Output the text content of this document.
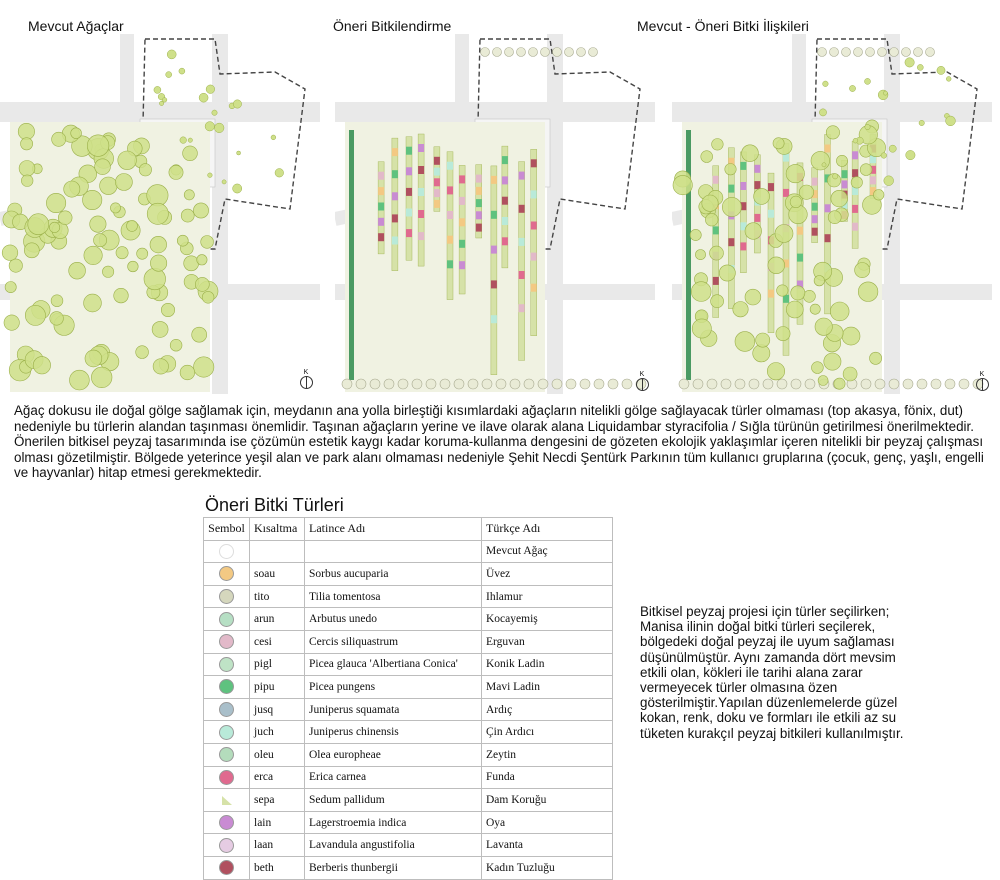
Mevcut Ağaçlar	Öneri Bitkilendirme	Mevcut - Öneri Bitki İlişkileri
K	K	K
Ağaç dokusu ile doğal gölge sağlamak için, meydanın ana yolla birleştiği kısımlardaki ağaçların nitelikli gölge sağlayacak türler olmaması (top akasya, fönix, dut) nedeniyle bu türlerin alandan taşınması önemlidir. Taşınan ağaçların yerine ve ilave olarak alana Liquidambar styracifolia / Sığla türünün getirilmesi önerilmektedir. Önerilen bitkisel peyzaj tasarımında ise çözümün estetik kaygı kadar koruma-kullanma dengesini de gözeten ekolojik yaklaşımlar içeren nitelikli bir peyzaj çalışması olması gözetilmiştir. Bölgede yeterince yeşil alan ve park alanı olmaması nedeniyle Şehit Necdi Şentürk Parkının tüm kullanıcı gruplarına (çocuk, genç, yaşlı, engelli ve hayvanlar) hitap etmesi gerekmektedir.
Öneri Bitki Türleri
Sembol	Kısaltma	Latince Adı	Türkçe Adı
			Mevcut Ağaç
	soau	Sorbus aucuparia	Üvez
	tito	Tilia tomentosa	Ihlamur
	arun	Arbutus unedo	Kocayemiş
	cesi	Cercis siliquastrum	Erguvan
	pigl	Picea glauca 'Albertiana Conica'	Konik Ladin
	pipu	Picea pungens	Mavi Ladin
	jusq	Juniperus squamata	Ardıç
	juch	Juniperus chinensis	Çin Ardıcı
	oleu	Olea europheae	Zeytin
	erca	Erica carnea	Funda
	sepa	Sedum pallidum	Dam Koruğu
	lain	Lagerstroemia indica	Oya
	laan	Lavandula angustifolia	Lavanta
	beth	Berberis thunbergii	Kadın Tuzluğu
Bitkisel peyzaj projesi için türler seçilirken; Manisa ilinin doğal bitki türleri seçilerek, bölgedeki doğal peyzaj ile uyum sağlaması düşünülmüştür. Aynı zamanda dört mevsim etkili olan, kökleri ile tarihi alana zarar vermeyecek türler olmasına özen gösterilmiştir.Yapılan düzenlemelerde güzel kokan, renk, doku ve formları ile etkili az su tüketen kurakçıl peyzaj bitkileri kullanılmıştır.
